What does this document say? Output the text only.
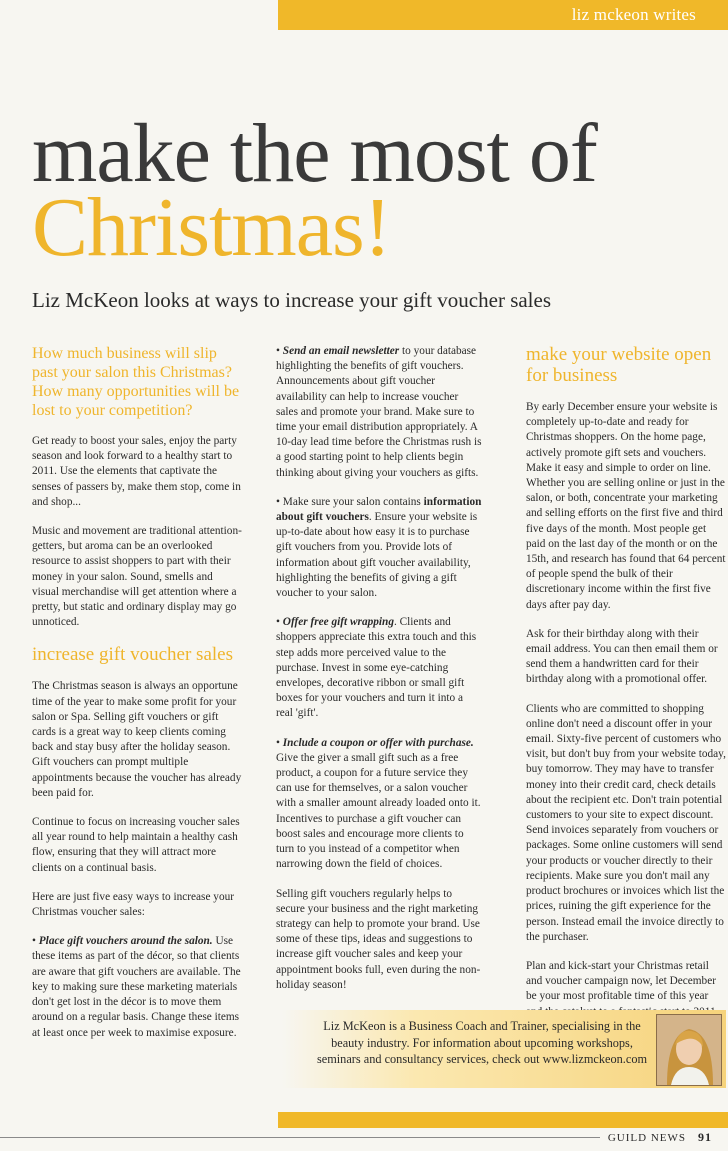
liz mckeon writes
make the most of
Christmas!
Liz McKeon looks at ways to increase your gift voucher sales

How much business will slip past your salon this Christmas? How many opportunities will be lost to your competition?

Get ready to boost your sales, enjoy the party season and look forward to a healthy start to 2011. Use the elements that captivate the senses of passers by, make them stop, come in and shop...

Music and movement are traditional attention-getters, but aroma can be an overlooked resource to assist shoppers to part with their money in your salon. Sound, smells and visual merchandise will get attention where a pretty, but static and ordinary display may go unnoticed.

increase gift voucher sales

The Christmas season is always an opportune time of the year to make some profit for your salon or Spa. Selling gift vouchers or gift cards is a great way to keep clients coming back and stay busy after the holiday season. Gift vouchers can prompt multiple appointments because the voucher has already been paid for.

Continue to focus on increasing voucher sales all year round to help maintain a healthy cash flow, ensuring that they will attract more clients on a continual basis.

Here are just five easy ways to increase your Christmas voucher sales:

• Place gift vouchers around the salon. Use these items as part of the décor, so that clients are aware that gift vouchers are available. The key to making sure these marketing materials don't get lost in the décor is to move them around on a regular basis. Change these items at least once per week to maximise exposure.

• Send an email newsletter to your database highlighting the benefits of gift vouchers. Announcements about gift voucher availability can help to increase voucher sales and promote your brand. Make sure to time your email distribution appropriately. A 10-day lead time before the Christmas rush is a good starting point to help clients begin thinking about giving your vouchers as gifts.

• Make sure your salon contains information about gift vouchers. Ensure your website is up-to-date about how easy it is to purchase gift vouchers from you. Provide lots of information about gift voucher availability, highlighting the benefits of giving a gift voucher to your salon.

• Offer free gift wrapping. Clients and shoppers appreciate this extra touch and this step adds more perceived value to the purchase. Invest in some eye-catching envelopes, decorative ribbon or small gift boxes for your vouchers and turn it into a real 'gift'.

• Include a coupon or offer with purchase. Give the giver a small gift such as a free product, a coupon for a future service they can use for themselves, or a salon voucher with a smaller amount already loaded onto it. Incentives to purchase a gift voucher can boost sales and encourage more clients to turn to you instead of a competitor when narrowing down the field of choices.

Selling gift vouchers regularly helps to secure your business and the right marketing strategy can help to promote your brand. Use some of these tips, ideas and suggestions to increase gift voucher sales and keep your appointment books full, even during the non-holiday season!

make your website open for business

By early December ensure your website is completely up-to-date and ready for Christmas shoppers. On the home page, actively promote gift sets and vouchers. Make it easy and simple to order on line. Whether you are selling online or just in the salon, or both, concentrate your marketing and selling efforts on the first five and third five days of the month. Most people get paid on the last day of the month or on the 15th, and research has found that 64 percent of people spend the bulk of their discretionary income within the first five days after pay day.

Ask for their birthday along with their email address. You can then email them or send them a handwritten card for their birthday along with a promotional offer.

Clients who are committed to shopping online don't need a discount offer in your email. Sixty-five percent of customers who visit, but don't buy from your website today, buy tomorrow. They may have to transfer money into their credit card, check details about the recipient etc. Don't train potential customers to your site to expect discount. Send invoices separately from vouchers or packages. Some online customers will send your products or voucher directly to their recipients. Make sure you don't mail any product brochures or invoices which list the prices, ruining the gift experience for the person. Instead email the invoice directly to the purchaser.

Plan and kick-start your Christmas retail and voucher campaign now, let December be your most profitable time of this year

Liz McKeon is a Business Coach and Trainer, specialising in the beauty industry. For information about upcoming workshops, seminars and consultancy services, check out www.lizmckeon.com
GUILD NEWS 91
